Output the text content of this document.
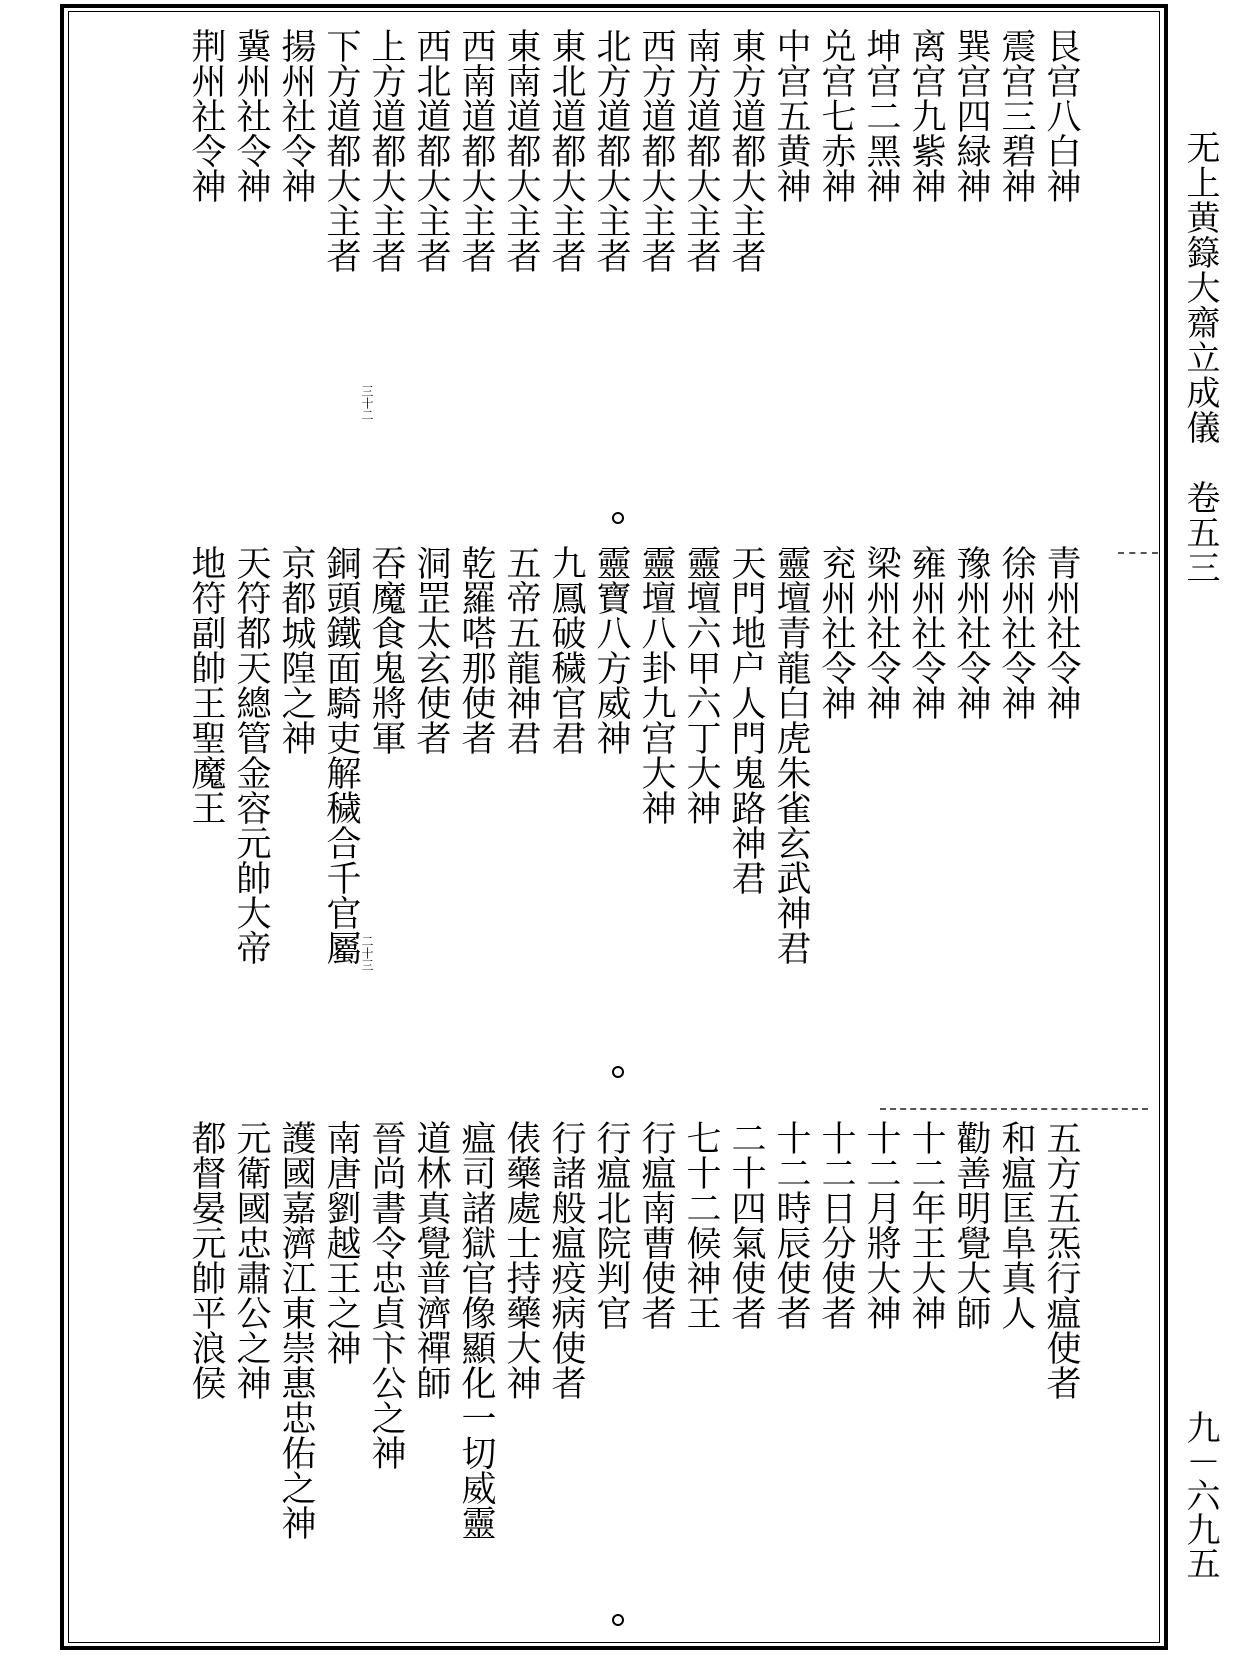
无上黄籙大齋立成儀　卷五三
九－六九五
艮宫八白神
震宫三碧神
巽宫四緑神
离宫九紫神
坤宫二黑神
兑宫七赤神
中宫五黄神
東方道都大主者
南方道都大主者
西方道都大主者
北方道都大主者
東北道都大主者
東南道都大主者
西南道都大主者
西北道都大主者
上方道都大主者
下方道都大主者
揚州社令神
冀州社令神
荆州社令神
三十二
青州社令神
徐州社令神
豫州社令神
雍州社令神
梁州社令神
兖州社令神
靈壇青龍白虎朱雀玄武神君
天門地户人門鬼路神君
靈壇六甲六丁大神
靈壇八卦九宫大神
靈寶八方威神
九鳳破穢官君
五帝五龍神君
乾羅嗒那使者
洞罡太玄使者
吞魔食鬼將軍
銅頭鐵面騎吏解穢合千官屬
京都城隍之神
天符都天總管金容元帥大帝
地符副帥王聖魔王
二十三
五方五炁行瘟使者
和瘟匡阜真人
勸善明覺大師
十二年王大神
十二月將大神
十二日分使者
十二時辰使者
二十四氣使者
七十二候神王
行瘟南曹使者
行瘟北院判官
行諸般瘟疫病使者
俵藥處士持藥大神
瘟司諸獄官像顯化一切威靈
道林真覺普濟禪師
晉尚書令忠貞卞公之神
南唐劉越王之神
護國嘉濟江東崇惠忠佑之神
元衛國忠肅公之神
都督晏元帥平浪侯
